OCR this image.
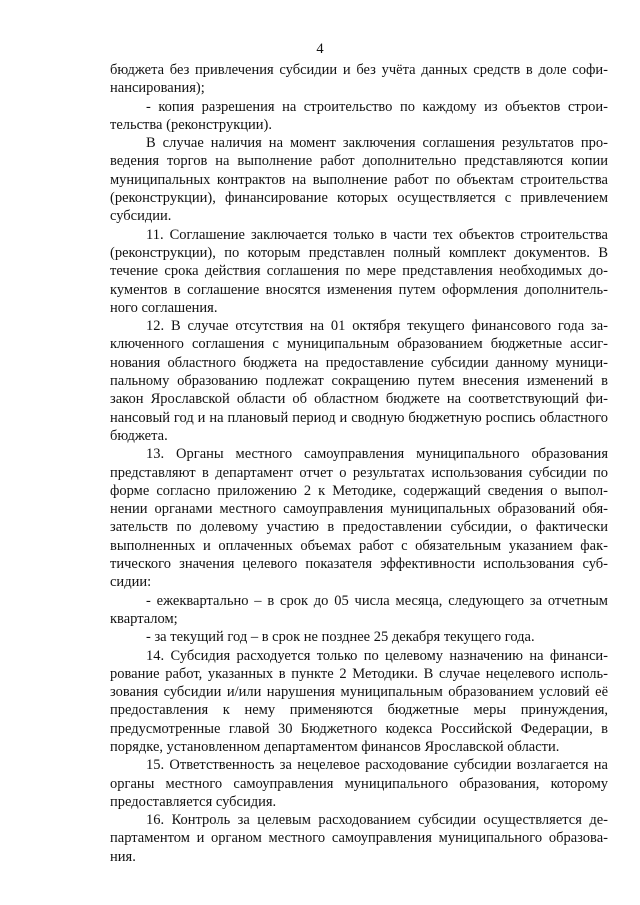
4

бюджета без привлечения субсидии и без учёта данных средств в доле софинансирования);

- копия разрешения на строительство по каждому из объектов строительства (реконструкции).

В случае наличия на момент заключения соглашения результатов проведения торгов на выполнение работ дополнительно представляются копии муниципальных контрактов на выполнение работ по объектам строительства (реконструкции), финансирование которых осуществляется с привлечением субсидии.

11. Соглашение заключается только в части тех объектов строительства (реконструкции), по которым представлен полный комплект документов. В течение срока действия соглашения по мере представления необходимых документов в соглашение вносятся изменения путем оформления дополнительного соглашения.

12. В случае отсутствия на 01 октября текущего финансового года заключенного соглашения с муниципальным образованием бюджетные ассигнования областного бюджета на предоставление субсидии данному муниципальному образованию подлежат сокращению путем внесения изменений в закон Ярославской области об областном бюджете на соответствующий финансовый год и на плановый период и сводную бюджетную роспись областного бюджета.

13. Органы местного самоуправления муниципального образования представляют в департамент отчет о результатах использования субсидии по форме согласно приложению 2 к Методике, содержащий сведения о выполнении органами местного самоуправления муниципальных образований обязательств по долевому участию в предоставлении субсидии, о фактически выполненных и оплаченных объемах работ с обязательным указанием фактического значения целевого показателя эффективности использования субсидии:

- ежеквартально – в срок до 05 числа месяца, следующего за отчетным кварталом;

- за текущий год – в срок не позднее 25 декабря текущего года.

14. Субсидия расходуется только по целевому назначению на финансирование работ, указанных в пункте 2 Методики. В случае нецелевого использования субсидии и/или нарушения муниципальным образованием условий её предоставления к нему применяются бюджетные меры принуждения, предусмотренные главой 30 Бюджетного кодекса Российской Федерации, в порядке, установленном департаментом финансов Ярославской области.

15. Ответственность за нецелевое расходование субсидии возлагается на органы местного самоуправления муниципального образования, которому предоставляется субсидия.

16. Контроль за целевым расходованием субсидии осуществляется департаментом и органом местного самоуправления муниципального образования.
